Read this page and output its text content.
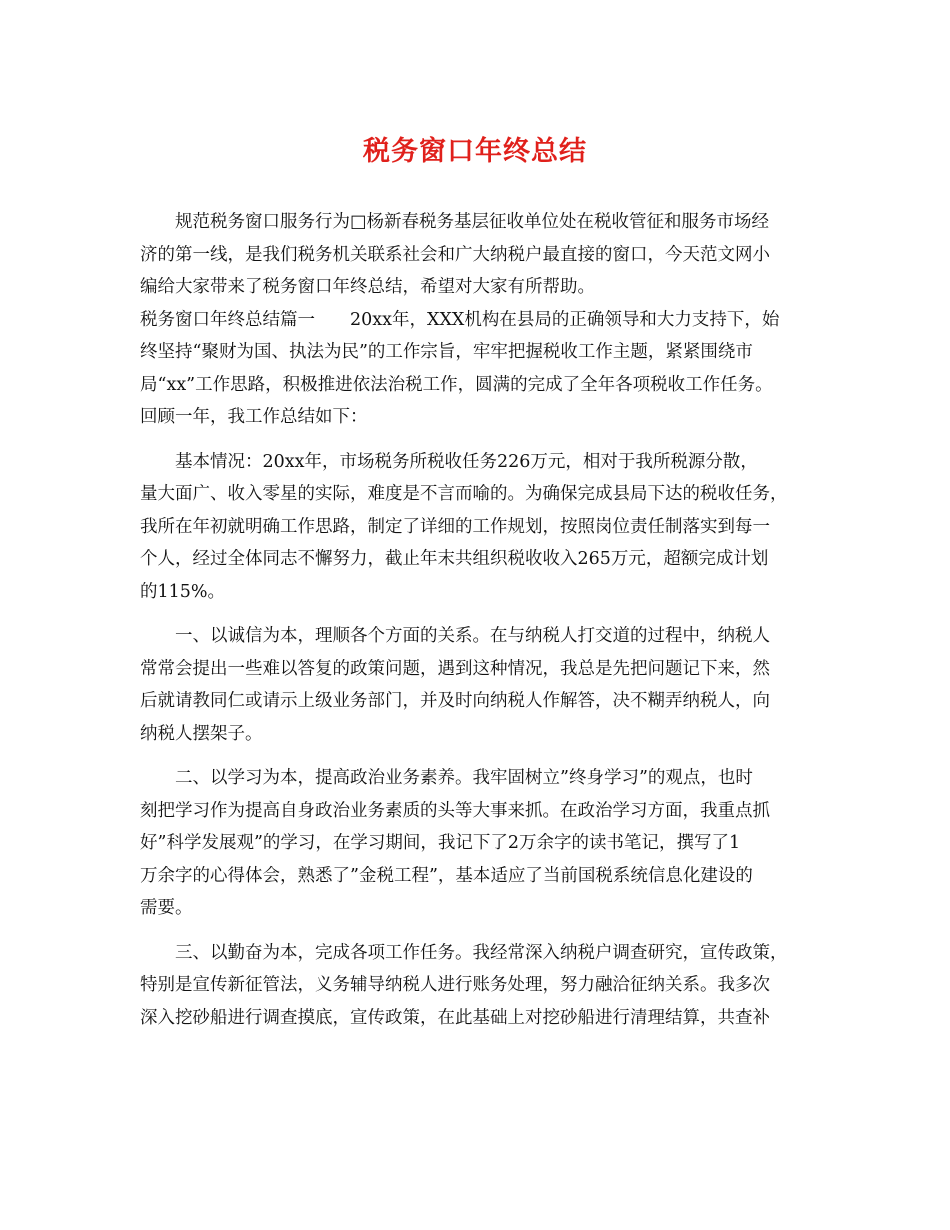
税务窗口年终总结
规范税务窗口服务行为□杨新春税务基层征收单位处在税收管征和服务市场经
济的第一线，是我们税务机关联系社会和广大纳税户最直接的窗口，今天范文网小
编给大家带来了税务窗口年终总结，希望对大家有所帮助。
税务窗口年终总结篇一　　20xx年，XXX机构在县局的正确领导和大力支持下，始
终坚持“聚财为国、执法为民”的工作宗旨，牢牢把握税收工作主题，紧紧围绕市
局“xx”工作思路，积极推进依法治税工作，圆满的完成了全年各项税收工作任务。
回顾一年，我工作总结如下：
基本情况：20xx年，市场税务所税收任务226万元，相对于我所税源分散，
量大面广、收入零星的实际，难度是不言而喻的。为确保完成县局下达的税收任务，
我所在年初就明确工作思路，制定了详细的工作规划，按照岗位责任制落实到每一
个人，经过全体同志不懈努力，截止年末共组织税收收入265万元，超额完成计划
的115%。
一、以诚信为本，理顺各个方面的关系。在与纳税人打交道的过程中，纳税人
常常会提出一些难以答复的政策问题，遇到这种情况，我总是先把问题记下来，然
后就请教同仁或请示上级业务部门，并及时向纳税人作解答，决不糊弄纳税人，向
纳税人摆架子。
二、以学习为本，提高政治业务素养。我牢固树立”终身学习”的观点，也时
刻把学习作为提高自身政治业务素质的头等大事来抓。在政治学习方面，我重点抓
好”科学发展观”的学习，在学习期间，我记下了2万余字的读书笔记，撰写了1
万余字的心得体会，熟悉了”金税工程”，基本适应了当前国税系统信息化建设的
需要。
三、以勤奋为本，完成各项工作任务。我经常深入纳税户调查研究，宣传政策，
特别是宣传新征管法，义务辅导纳税人进行账务处理，努力融洽征纳关系。我多次
深入挖砂船进行调查摸底，宣传政策，在此基础上对挖砂船进行清理结算，共查补
